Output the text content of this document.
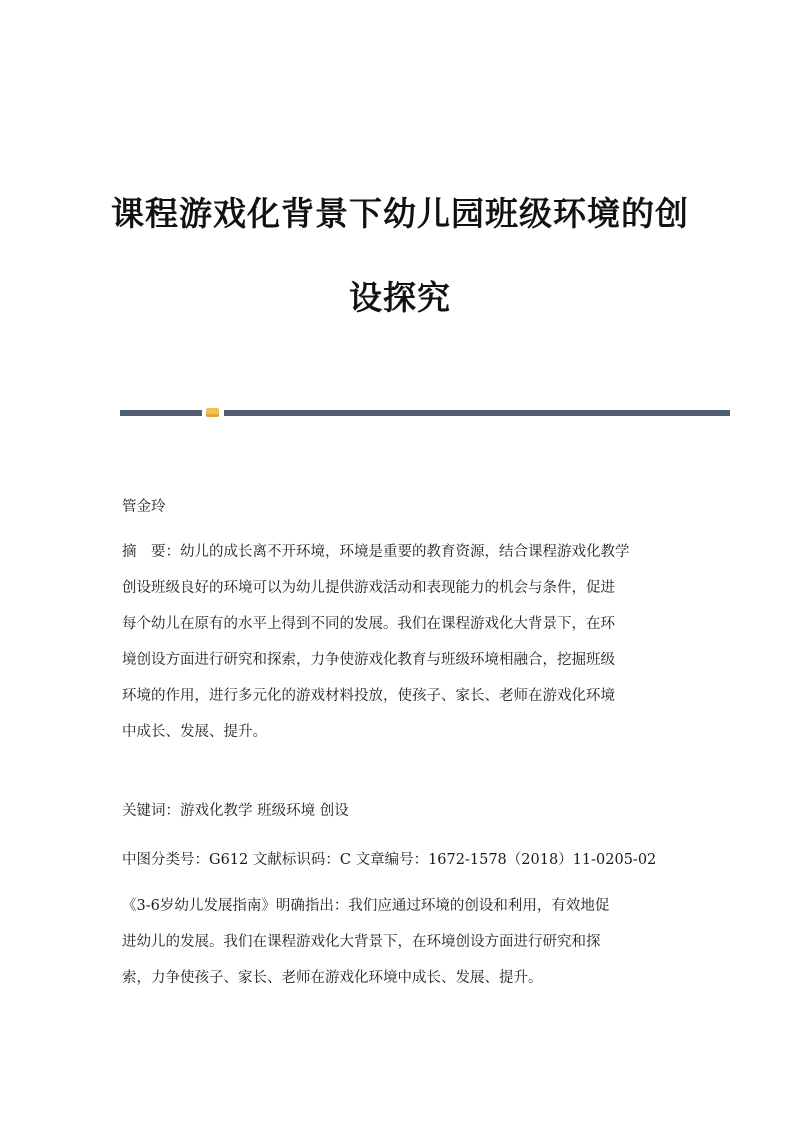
课程游戏化背景下幼儿园班级环境的创
设探究

管金玲

摘　要：幼儿的成长离不开环境，环境是重要的教育资源，结合课程游戏化教学
创设班级良好的环境可以为幼儿提供游戏活动和表现能力的机会与条件，促进
每个幼儿在原有的水平上得到不同的发展。我们在课程游戏化大背景下，在环
境创设方面进行研究和探索，力争使游戏化教育与班级环境相融合，挖掘班级
环境的作用，进行多元化的游戏材料投放，使孩子、家长、老师在游戏化环境
中成长、发展、提升。

关键词：游戏化教学 班级环境 创设

中图分类号：G612 文献标识码：C 文章编号：1672-1578（2018）11-0205-02

《3-6岁幼儿发展指南》明确指出：我们应通过环境的创设和利用，有效地促
进幼儿的发展。我们在课程游戏化大背景下，在环境创设方面进行研究和探
索，力争使孩子、家长、老师在游戏化环境中成长、发展、提升。
